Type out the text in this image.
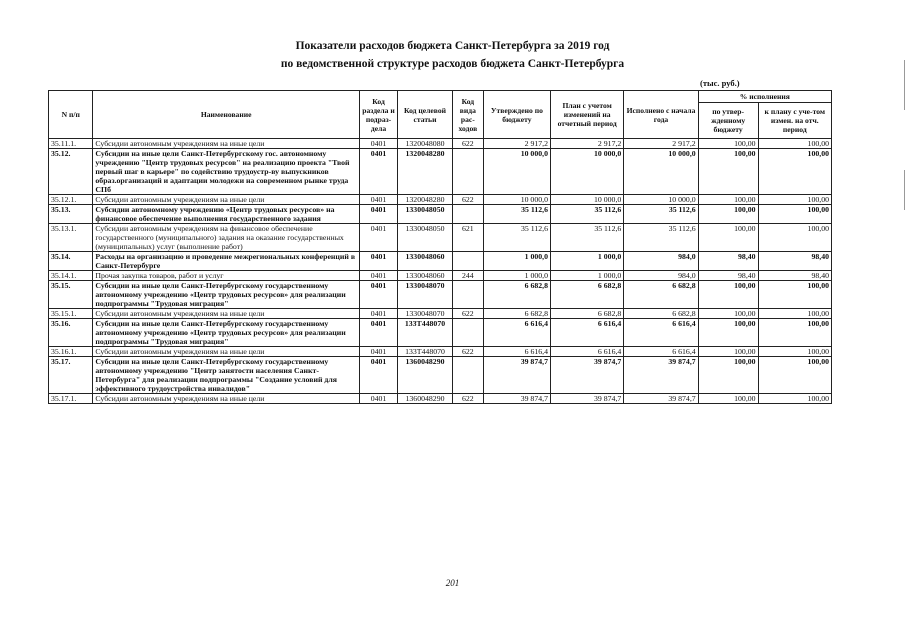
Показатели расходов бюджета Санкт-Петербурга за 2019 год
по ведомственной структуре расходов бюджета Санкт-Петербурга
(тыс. руб.)
N п/п	Наименование	Код раздела и подраз-дела	Код целевой статьи	Код вида рас-ходов	Утверждено по бюджету	План с учетом изменений на отчетный период	Исполнено с начала года	% исполнения	
								по утвер-жденному бюджету	к плану с уче-том измен. на отч. период
35.11.1.	Субсидии автономным учреждениям на иные цели	0401	1320048080	622	2 917,2	2 917,2	2 917,2	100,00	100,00
35.12.	Субсидии на иные цели Санкт-Петербургскому гос. автономному учреждению "Центр трудовых ресурсов" на реализацию проекта "Твой первый шаг в карьере" по содействию трудоустр-ву выпускников образ.организаций и адаптации молодежи на современном рынке труда СПб	0401	1320048280		10 000,0	10 000,0	10 000,0	100,00	100,00
35.12.1.	Субсидии автономным учреждениям на иные цели	0401	1320048280	622	10 000,0	10 000,0	10 000,0	100,00	100,00
35.13.	Субсидии автономному учреждению «Центр трудовых ресурсов» на финансовое обеспечение выполнения государственного задания	0401	1330048050		35 112,6	35 112,6	35 112,6	100,00	100,00
35.13.1.	Субсидии автономным учреждениям на финансовое обеспечение государственного (муниципального) задания на оказание государственных (муниципальных) услуг (выполнение работ)	0401	1330048050	621	35 112,6	35 112,6	35 112,6	100,00	100,00
35.14.	Расходы на организацию и проведение межрегиональных конференций в Санкт-Петербурге	0401	1330048060		1 000,0	1 000,0	984,0	98,40	98,40
35.14.1.	Прочая закупка товаров, работ и услуг	0401	1330048060	244	1 000,0	1 000,0	984,0	98,40	98,40
35.15.	Субсидии на иные цели Санкт-Петербургскому государственному автономному учреждению «Центр трудовых ресурсов» для реализации подпрограммы "Трудовая миграция"	0401	1330048070		6 682,8	6 682,8	6 682,8	100,00	100,00
35.15.1.	Субсидии автономным учреждениям на иные цели	0401	1330048070	622	6 682,8	6 682,8	6 682,8	100,00	100,00
35.16.	Субсидии на иные цели Санкт-Петербургскому государственному автономному учреждению «Центр трудовых ресурсов» для реализации подпрограммы "Трудовая миграция"	0401	133Т448070		6 616,4	6 616,4	6 616,4	100,00	100,00
35.16.1.	Субсидии автономным учреждениям на иные цели	0401	133Т448070	622	6 616,4	6 616,4	6 616,4	100,00	100,00
35.17.	Субсидии на иные цели Санкт-Петербургскому государственному автономному учреждению "Центр занятости населения Санкт-Петербурга" для реализации подпрограммы "Создание условий для эффективного трудоустройства инвалидов"	0401	1360048290		39 874,7	39 874,7	39 874,7	100,00	100,00
35.17.1.	Субсидии автономным учреждениям на иные цели	0401	1360048290	622	39 874,7	39 874,7	39 874,7	100,00	100,00
201
